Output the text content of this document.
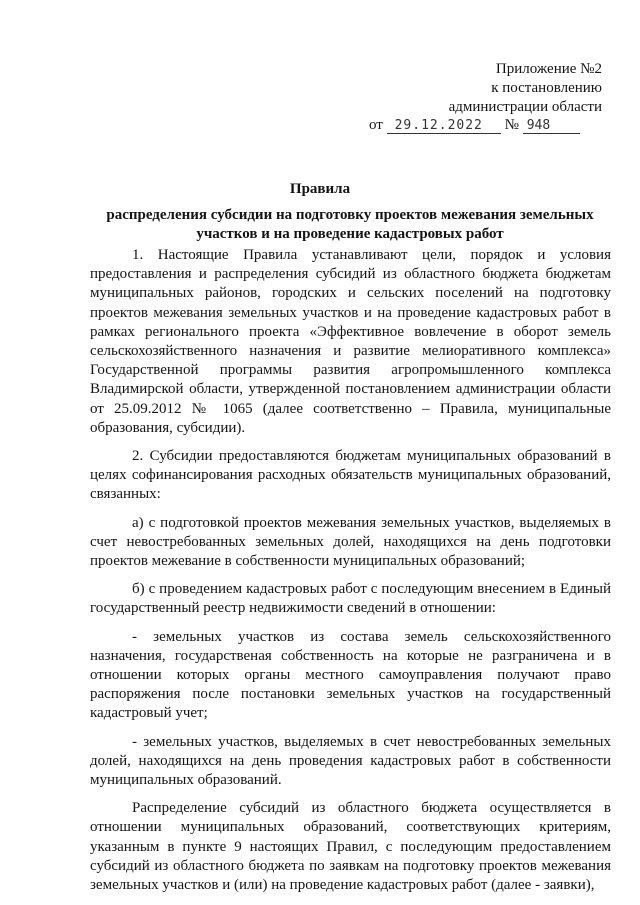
Приложение №2
к постановлению
администрации области
от 29.12.2022 № 948
Правила
распределения субсидии на подготовку проектов межевания земельных участков и на проведение кадастровых работ

1. Настоящие Правила устанавливают цели, порядок и условия предоставления и распределения субсидий из областного бюджета бюджетам муниципальных районов, городских и сельских поселений на подготовку проектов межевания земельных участков и на проведение кадастровых работ в рамках регионального проекта «Эффективное вовлечение в оборот земель сельскохозяйственного назначения и развитие мелиоративного комплекса» Государственной программы развития агропромышленного комплекса Владимирской области, утвержденной постановлением администрации области от 25.09.2012 № 1065 (далее соответственно – Правила, муниципальные образования, субсидии).

2. Субсидии предоставляются бюджетам муниципальных образований в целях софинансирования расходных обязательств муниципальных образований, связанных:

а) с подготовкой проектов межевания земельных участков, выделяемых в счет невостребованных земельных долей, находящихся на день подготовки проектов межевание в собственности муниципальных образований;

б) с проведением кадастровых работ с последующим внесением в Единый государственный реестр недвижимости сведений в отношении:

- земельных участков из состава земель сельскохозяйственного назначения, государственая собственность на которые не разграничена и в отношении которых органы местного самоуправления получают право распоряжения после постановки земельных участков на государственный кадастровый учет;

- земельных участков, выделяемых в счет невостребованных земельных долей, находящихся на день проведения кадастровых работ в собственности муниципальных образований.

Распределение субсидий из областного бюджета осуществляется в отношении муниципальных образований, соответствующих критериям, указанным в пункте 9 настоящих Правил, с последующим предоставлением субсидий из областного бюджета по заявкам на подготовку проектов межевания земельных участков и (или) на проведение кадастровых работ (далее - заявки),
